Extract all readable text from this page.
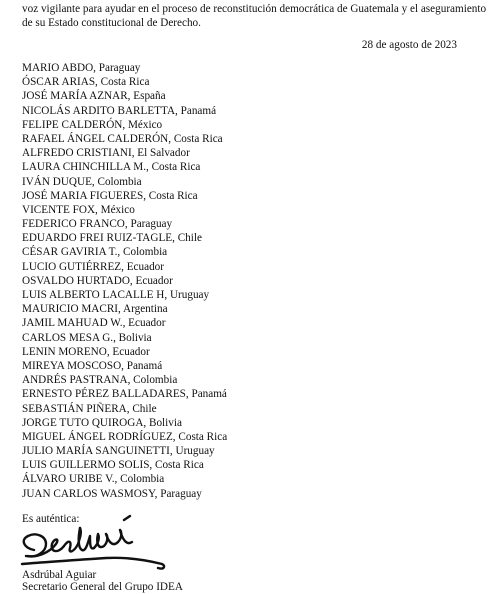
voz vigilante para ayudar en el proceso de reconstitución democrática de Guatemala y el aseguramiento de su Estado constitucional de Derecho.

28 de agosto de 2023
MARIO ABDO, Paraguay
ÓSCAR ARIAS, Costa Rica
JOSÉ MARÍA AZNAR, España
NICOLÁS ARDITO BARLETTA, Panamá
FELIPE CALDERÓN, México
RAFAEL ÁNGEL CALDERÓN, Costa Rica
ALFREDO CRISTIANI, El Salvador
LAURA CHINCHILLA M., Costa Rica
IVÁN DUQUE, Colombia
JOSÉ MARIA FIGUERES, Costa Rica
VICENTE FOX, México
FEDERICO FRANCO, Paraguay
EDUARDO FREI RUIZ-TAGLE, Chile
CÉSAR GAVIRIA T., Colombia
LUCIO GUTIÉRREZ, Ecuador
OSVALDO HURTADO, Ecuador
LUIS ALBERTO LACALLE H, Uruguay
MAURICIO MACRI, Argentina
JAMIL MAHUAD W., Ecuador
CARLOS MESA G., Bolivia
LENIN MORENO, Ecuador
MIREYA MOSCOSO, Panamá
ANDRÉS PASTRANA, Colombia
ERNESTO PÉREZ BALLADARES, Panamá
SEBASTIÁN PIÑERA, Chile
JORGE TUTO QUIROGA, Bolivia
MIGUEL ÁNGEL RODRÍGUEZ, Costa Rica
JULIO MARÍA SANGUINETTI, Uruguay
LUIS GUILLERMO SOLIS, Costa Rica
ÁLVARO URIBE V., Colombia
JUAN CARLOS WASMOSY, Paraguay
Es auténtica:
Asdrúbal Aguiar
Secretario General del Grupo IDEA
